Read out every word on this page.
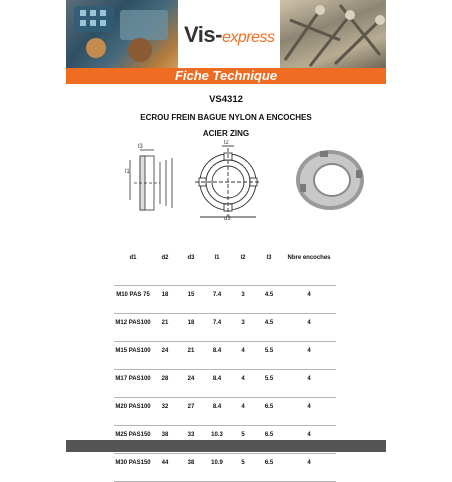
Vis-express
Fiche Technique
VS4312
ECROU FREIN BAGUE NYLON A ENCOCHES
ACIER ZING
l1
l3
l2
d3
d1	d2	d3	l1	l2	l3	Nbre encoches
M10 PAS 75	18	15	7.4	3	4.5	4
M12 PAS100	21	18	7.4	3	4.5	4
M15 PAS100	24	21	8.4	4	5.5	4
M17 PAS100	28	24	8.4	4	5.5	4
M20 PAS100	32	27	8.4	4	6.5	4
M25 PAS150	38	33	10.3	5	6.5	4
M30 PAS150	44	38	10.9	5	6.5	4
